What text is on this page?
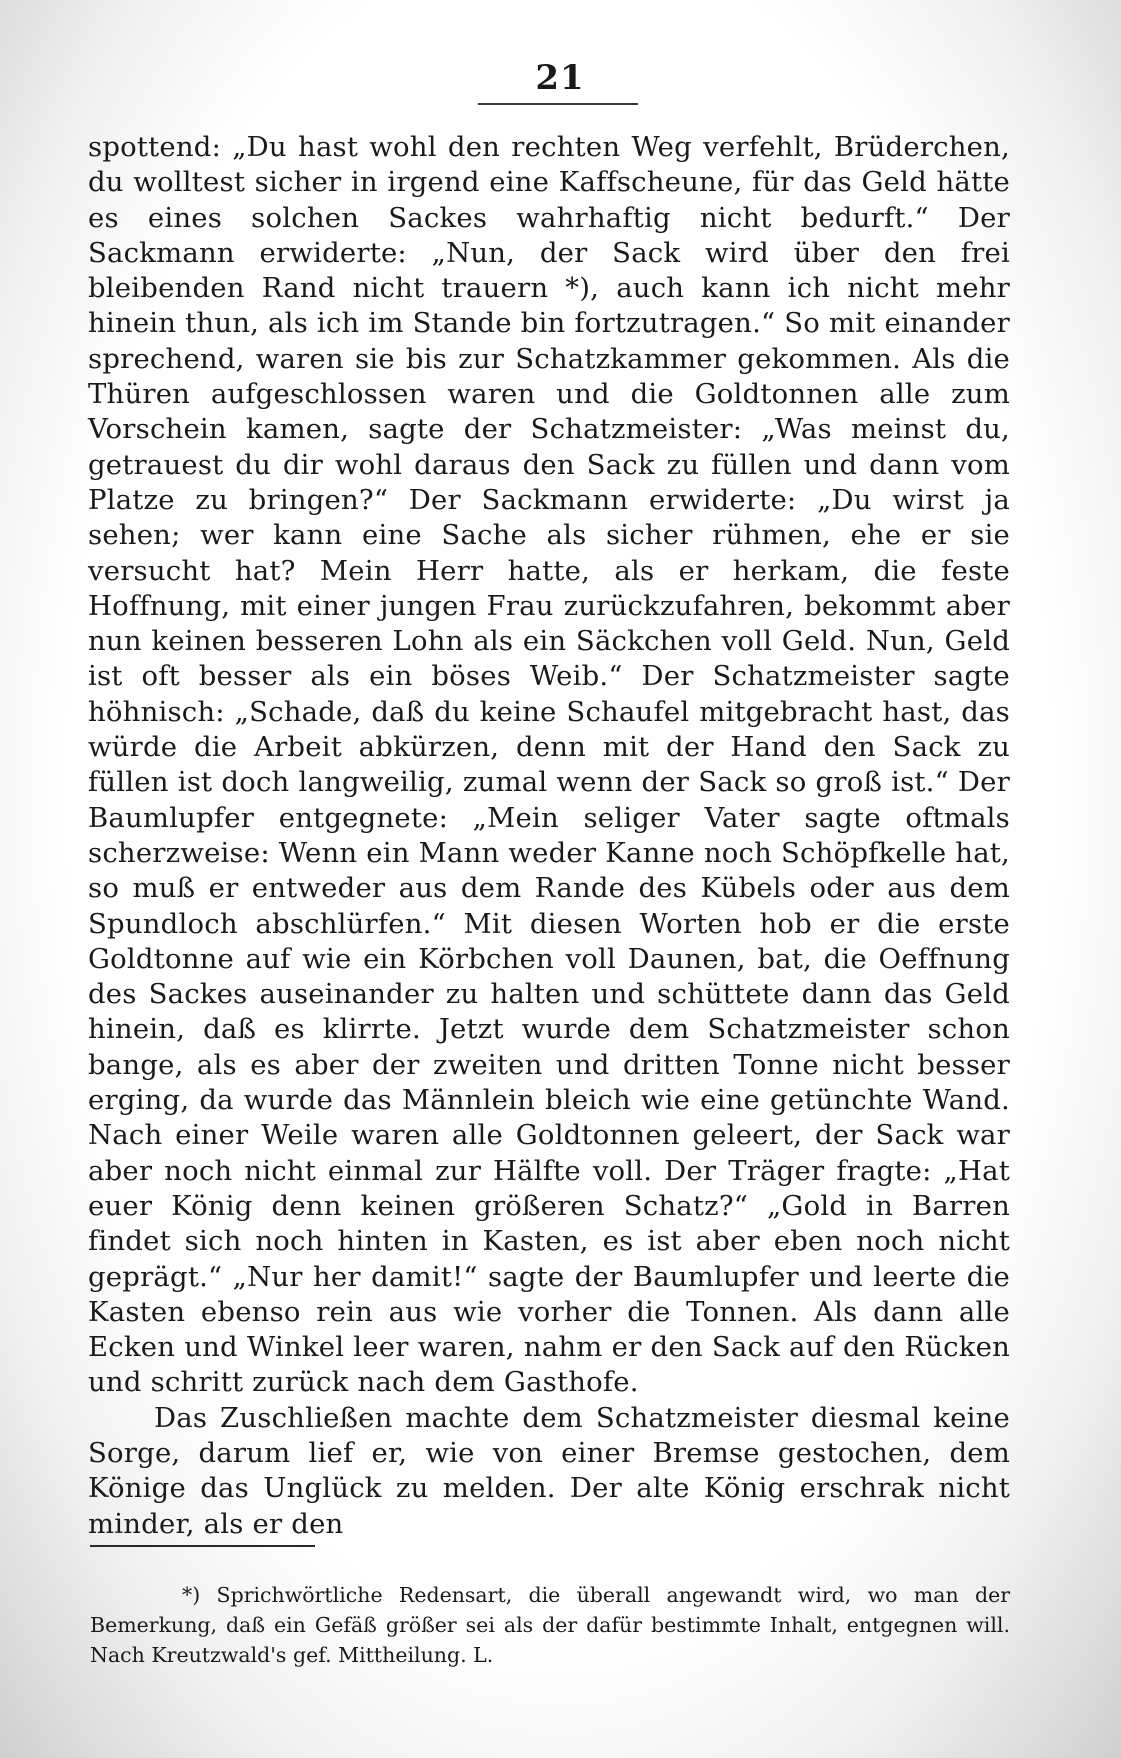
21

spottend: „Du hast wohl den rechten Weg verfehlt, Brüderchen, du wolltest sicher in irgend eine Kaffscheune, für das Geld hätte es eines solchen Sackes wahrhaftig nicht bedurft.“ Der Sackmann erwiderte: „Nun, der Sack wird über den frei bleibenden Rand nicht trauern *), auch kann ich nicht mehr hinein thun, als ich im Stande bin fortzutragen.“ So mit einander sprechend, waren sie bis zur Schatzkammer gekommen. Als die Thüren aufgeschlossen waren und die Goldtonnen alle zum Vorschein kamen, sagte der Schatzmeister: „Was meinst du, getrauest du dir wohl daraus den Sack zu füllen und dann vom Platze zu bringen?“ Der Sackmann erwiderte: „Du wirst ja sehen; wer kann eine Sache als sicher rühmen, ehe er sie versucht hat? Mein Herr hatte, als er herkam, die feste Hoffnung, mit einer jungen Frau zurückzufahren, bekommt aber nun keinen besseren Lohn als ein Säckchen voll Geld. Nun, Geld ist oft besser als ein böses Weib.“ Der Schatzmeister sagte höhnisch: „Schade, daß du keine Schaufel mitgebracht hast, das würde die Arbeit abkürzen, denn mit der Hand den Sack zu füllen ist doch langweilig, zumal wenn der Sack so groß ist.“ Der Baumlupfer entgegnete: „Mein seliger Vater sagte oftmals scherzweise: Wenn ein Mann weder Kanne noch Schöpfkelle hat, so muß er entweder aus dem Rande des Kübels oder aus dem Spundloch abschlürfen.“ Mit diesen Worten hob er die erste Goldtonne auf wie ein Körbchen voll Daunen, bat, die Oeffnung des Sackes auseinander zu halten und schüttete dann das Geld hinein, daß es klirrte. Jetzt wurde dem Schatzmeister schon bange, als es aber der zweiten und dritten Tonne nicht besser erging, da wurde das Männlein bleich wie eine getünchte Wand. Nach einer Weile waren alle Goldtonnen geleert, der Sack war aber noch nicht einmal zur Hälfte voll. Der Träger fragte: „Hat euer König denn keinen größeren Schatz?“ „Gold in Barren findet sich noch hinten in Kasten, es ist aber eben noch nicht geprägt.“ „Nur her damit!“ sagte der Baumlupfer und leerte die Kasten ebenso rein aus wie vorher die Tonnen. Als dann alle Ecken und Winkel leer waren, nahm er den Sack auf den Rücken und schritt zurück nach dem Gasthofe.

Das Zuschließen machte dem Schatzmeister diesmal keine Sorge, darum lief er, wie von einer Bremse gestochen, dem Könige das Unglück zu melden. Der alte König erschrak nicht minder, als er den

*) Sprichwörtliche Redensart, die überall angewandt wird, wo man der Bemerkung, daß ein Gefäß größer sei als der dafür bestimmte Inhalt, entgegnen will. Nach Kreutzwald's gef. Mittheilung. L.
